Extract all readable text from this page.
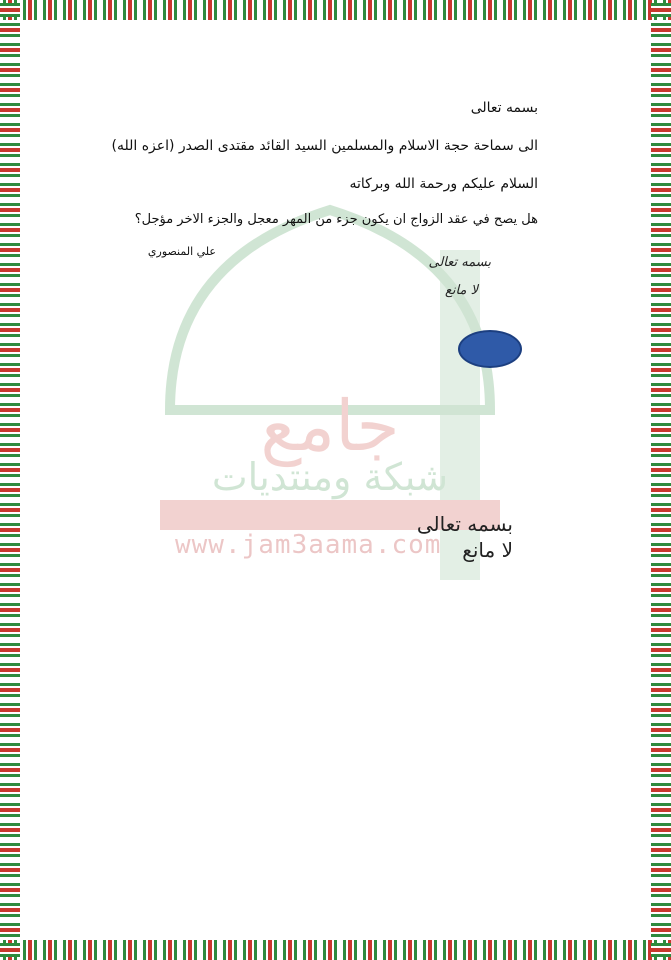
جامع
شبكة ومنتديات
www.jam3aama.com
بسمه تعالى
الى سماحة حجة الاسلام والمسلمين السيد القائد مقتدى الصدر (اعزه الله)
السلام عليكم ورحمة الله وبركاته
هل يصح في عقد الزواج ان يكون جزء من المهر معجل والجزء الاخر مؤجل؟
علي المنصوري
بسمه تعالى
لا مانع
بسمه تعالى
لا مانع
